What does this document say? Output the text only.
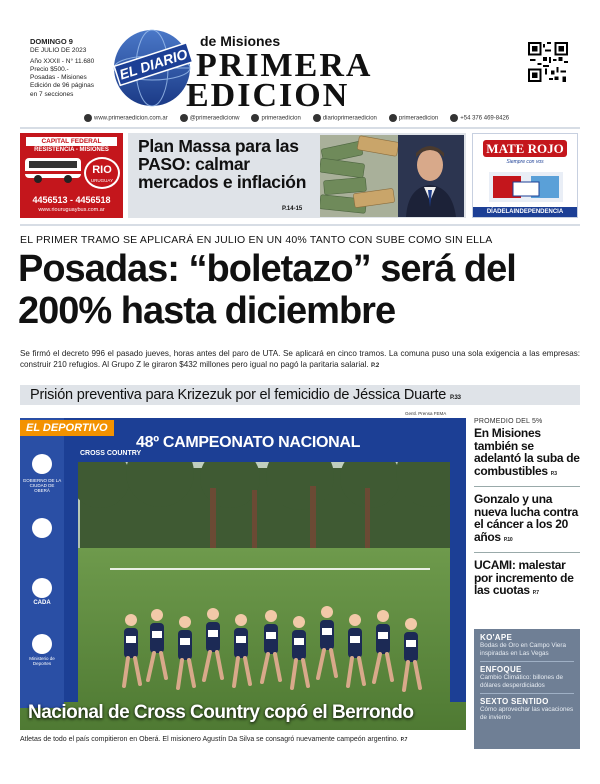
DOMINGO 9
DE JULIO DE 2023
Año XXXII - N° 11.680
Precio $500.-
Posadas - Misiones
Edición de 96 páginas
en 7 secciones
EL DIARIO
de Misiones
PRIMERA
EDICION
www.primeraedicion.com.ar	@primeraedicionw	primeraedicion	diarioprimeraedicion	primeraedicion	+54 376 469-8426
CAPITAL FEDERAL
RESISTENCIA - MISIONES
RIO
URUGUAY
4456513 - 4456518
www.riouruguaybus.com.ar
Plan Massa para las PASO: calmar mercados e inflación
P.14-15
MATE ROJO
Siempre con vos
DÍADELAINDEPENDENCIA
EL PRIMER TRAMO SE APLICARÁ EN JULIO EN UN 40% TANTO CON SUBE COMO SIN ELLA
Posadas: “boletazo” será del 200% hasta diciembre
Se firmó el decreto 996 el pasado jueves, horas antes del paro de UTA. Se aplicará en cinco tramos. La comuna puso una sola exigencia a las empresas: construir 210 refugios. Al Grupo Z le giraron $432 millones pero igual no pagó la paritaria salarial. P.2
Prisión preventiva para Krizezuk por el femicidio de Jéssica Duarte P.33
Gentl. Prensa FEMA
EL DEPORTIVO
48º CAMPEONATO NACIONAL
CROSS COUNTRY
GOBIERNO DE LA CIUDAD DE OBERÁ
CADA
Ministerio de Deportes
Nacional de Cross Country copó el Berrondo
Atletas de todo el país compitieron en Oberá. El misionero Agustín Da Silva se consagró nuevamente campeón argentino. P.7
PROMEDIO DEL 5%
En Misiones también se adelantó la suba de combustibles P.3
Gonzalo y una nueva lucha contra el cáncer a los 20 años P.10
UCAMI: malestar por incremento de las cuotas P.7
KO'APE
Bodas de Oro en Campo Viera inspiradas en Las Vegas
ENFOQUE
Cambio Climático: billones de dólares desperdiciados
SEXTO SENTIDO
Cómo aprovechar las vacaciones de invierno
